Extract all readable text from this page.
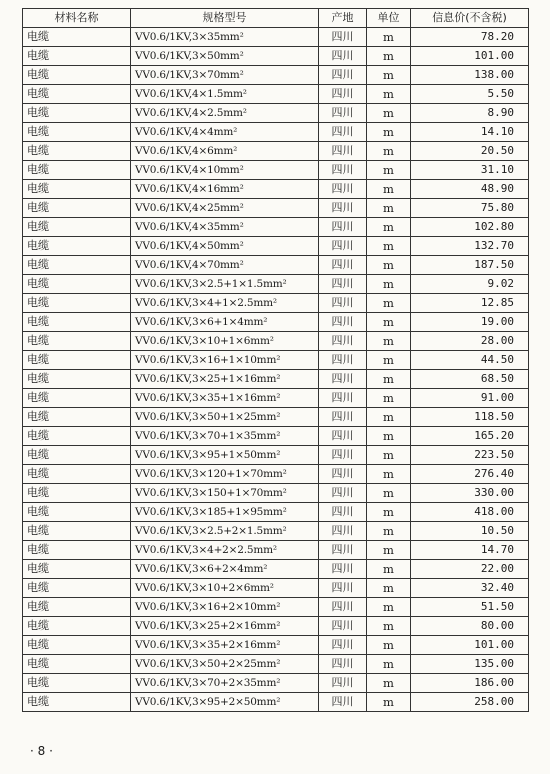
材料名称	规格型号	产地	单位	信息价(不含税)
电缆	VV0.6/1KV,3×35mm²	四川	m	78.20
电缆	VV0.6/1KV,3×50mm²	四川	m	101.00
电缆	VV0.6/1KV,3×70mm²	四川	m	138.00
电缆	VV0.6/1KV,4×1.5mm²	四川	m	5.50
电缆	VV0.6/1KV,4×2.5mm²	四川	m	8.90
电缆	VV0.6/1KV,4×4mm²	四川	m	14.10
电缆	VV0.6/1KV,4×6mm²	四川	m	20.50
电缆	VV0.6/1KV,4×10mm²	四川	m	31.10
电缆	VV0.6/1KV,4×16mm²	四川	m	48.90
电缆	VV0.6/1KV,4×25mm²	四川	m	75.80
电缆	VV0.6/1KV,4×35mm²	四川	m	102.80
电缆	VV0.6/1KV,4×50mm²	四川	m	132.70
电缆	VV0.6/1KV,4×70mm²	四川	m	187.50
电缆	VV0.6/1KV,3×2.5+1×1.5mm²	四川	m	9.02
电缆	VV0.6/1KV,3×4+1×2.5mm²	四川	m	12.85
电缆	VV0.6/1KV,3×6+1×4mm²	四川	m	19.00
电缆	VV0.6/1KV,3×10+1×6mm²	四川	m	28.00
电缆	VV0.6/1KV,3×16+1×10mm²	四川	m	44.50
电缆	VV0.6/1KV,3×25+1×16mm²	四川	m	68.50
电缆	VV0.6/1KV,3×35+1×16mm²	四川	m	91.00
电缆	VV0.6/1KV,3×50+1×25mm²	四川	m	118.50
电缆	VV0.6/1KV,3×70+1×35mm²	四川	m	165.20
电缆	VV0.6/1KV,3×95+1×50mm²	四川	m	223.50
电缆	VV0.6/1KV,3×120+1×70mm²	四川	m	276.40
电缆	VV0.6/1KV,3×150+1×70mm²	四川	m	330.00
电缆	VV0.6/1KV,3×185+1×95mm²	四川	m	418.00
电缆	VV0.6/1KV,3×2.5+2×1.5mm²	四川	m	10.50
电缆	VV0.6/1KV,3×4+2×2.5mm²	四川	m	14.70
电缆	VV0.6/1KV,3×6+2×4mm²	四川	m	22.00
电缆	VV0.6/1KV,3×10+2×6mm²	四川	m	32.40
电缆	VV0.6/1KV,3×16+2×10mm²	四川	m	51.50
电缆	VV0.6/1KV,3×25+2×16mm²	四川	m	80.00
电缆	VV0.6/1KV,3×35+2×16mm²	四川	m	101.00
电缆	VV0.6/1KV,3×50+2×25mm²	四川	m	135.00
电缆	VV0.6/1KV,3×70+2×35mm²	四川	m	186.00
电缆	VV0.6/1KV,3×95+2×50mm²	四川	m	258.00
· 8 ·
